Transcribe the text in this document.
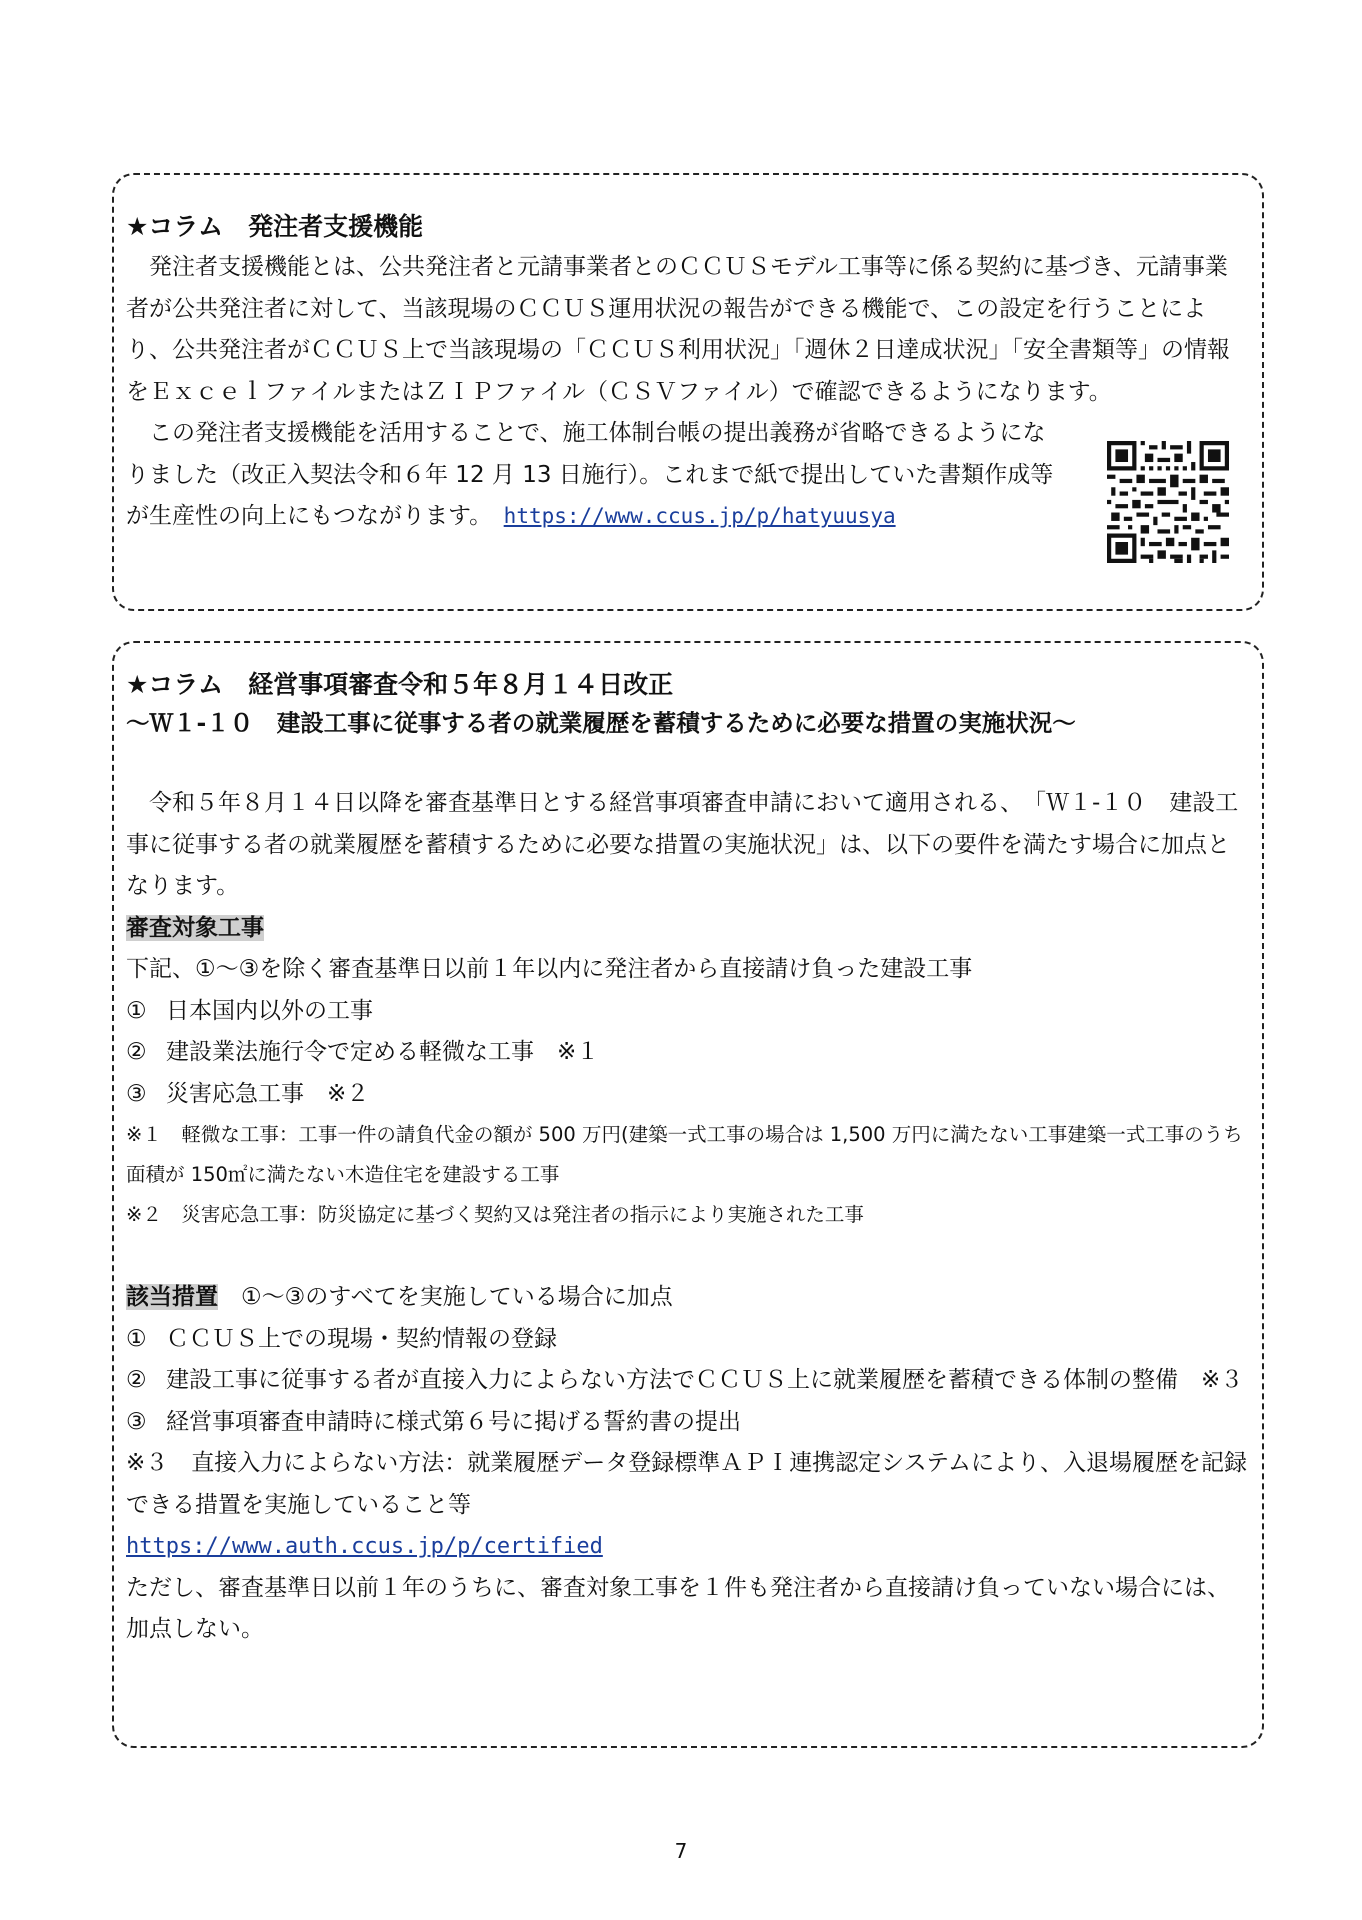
★コラム　発注者支援機能

発注者支援機能とは、公共発注者と元請事業者とのＣＣＵＳモデル工事等に係る契約に基づき、元請事業者が公共発注者に対して、当該現場のＣＣＵＳ運用状況の報告ができる機能で、この設定を行うことにより、公共発注者がＣＣＵＳ上で当該現場の「ＣＣＵＳ利用状況」「週休２日達成状況」「安全書類等」の情報をＥｘｃｅｌファイルまたはＺＩＰファイル（ＣＳＶファイル）で確認できるようになります。

この発注者支援機能を活用することで、施工体制台帳の提出義務が省略できるようになりました（改正入契法令和６年 12 月 13 日施行）。これまで紙で提出していた書類作成等が生産性の向上にもつながります。　 https://www.ccus.jp/p/hatyuusya

★コラム　経営事項審査令和５年８月１４日改正

～Ｗ１-１０　建設工事に従事する者の就業履歴を蓄積するために必要な措置の実施状況～

令和５年８月１４日以降を審査基準日とする経営事項審査申請において適用される、　「Ｗ１-１０　建設工事に従事する者の就業履歴を蓄積するために必要な措置の実施状況」は、以下の要件を満たす場合に加点となります。

審査対象工事

下記、①～③を除く審査基準日以前１年以内に発注者から直接請け負った建設工事

① 日本国内以外の工事
② 建設業法施行令で定める軽微な工事　※１
③ 災害応急工事　※２

※１　軽微な工事：工事一件の請負代金の額が 500 万円(建築一式工事の場合は 1,500 万円に満たない工事建築一式工事のうち面積が 150㎡に満たない木造住宅を建設する工事

※２　災害応急工事：防災協定に基づく契約又は発注者の指示により実施された工事

該当措置　①～③のすべてを実施している場合に加点

① ＣＣＵＳ上での現場・契約情報の登録
② 建設工事に従事する者が直接入力によらない方法でＣＣＵＳ上に就業履歴を蓄積できる体制の整備　※３
③ 経営事項審査申請時に様式第６号に掲げる誓約書の提出

※３　直接入力によらない方法：就業履歴データ登録標準ＡＰＩ連携認定システムにより、入退場履歴を記録できる措置を実施していること等

https://www.auth.ccus.jp/p/certified

ただし、審査基準日以前１年のうちに、審査対象工事を１件も発注者から直接請け負っていない場合には、加点しない。

7
